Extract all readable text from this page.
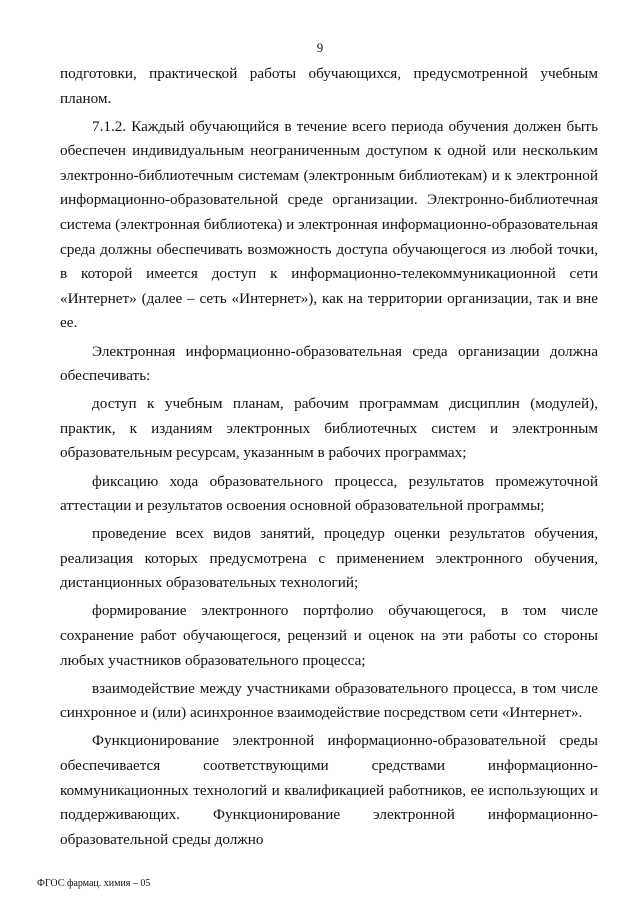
9

подготовки, практической работы обучающихся, предусмотренной учебным планом.

7.1.2. Каждый обучающийся в течение всего периода обучения должен быть обеспечен индивидуальным неограниченным доступом к одной или нескольким электронно-библиотечным системам (электронным библиотекам) и к электронной информационно-образовательной среде организации. Электронно-библиотечная система (электронная библиотека) и электронная информационно-образовательная среда должны обеспечивать возможность доступа обучающегося из любой точки, в которой имеется доступ к информационно-телекоммуникационной сети «Интернет» (далее – сеть «Интернет»), как на территории организации, так и вне ее.

Электронная информационно-образовательная среда организации должна обеспечивать:

доступ к учебным планам, рабочим программам дисциплин (модулей), практик, к изданиям электронных библиотечных систем и электронным образовательным ресурсам, указанным в рабочих программах;

фиксацию хода образовательного процесса, результатов промежуточной аттестации и результатов освоения основной образовательной программы;

проведение всех видов занятий, процедур оценки результатов обучения, реализация которых предусмотрена с применением электронного обучения, дистанционных образовательных технологий;

формирование электронного портфолио обучающегося, в том числе сохранение работ обучающегося, рецензий и оценок на эти работы со стороны любых участников образовательного процесса;

взаимодействие между участниками образовательного процесса, в том числе синхронное и (или) асинхронное взаимодействие посредством сети «Интернет».

Функционирование электронной информационно-образовательной среды обеспечивается соответствующими средствами информационно-коммуникационных технологий и квалификацией работников, ее использующих и поддерживающих. Функционирование электронной информационно-образовательной среды должно

ФГОС фармац. химия – 05
